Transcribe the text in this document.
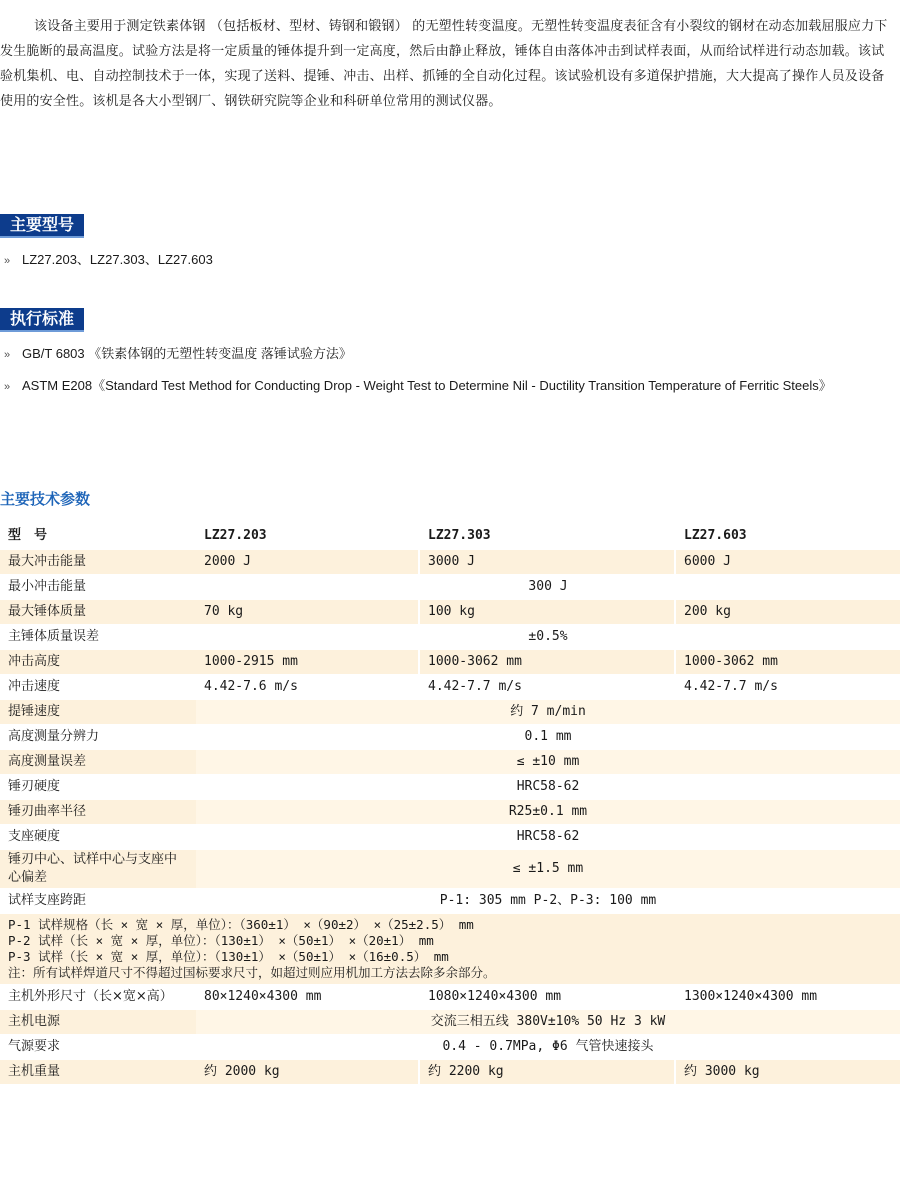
该设备主要用于测定铁素体钢 （包括板材、型材、铸钢和锻钢） 的无塑性转变温度。无塑性转变温度表征含有小裂纹的钢材在动态加载屈服应力下发生脆断的最高温度。试验方法是将一定质量的锤体提升到一定高度，然后由静止释放，锤体自由落体冲击到试样表面，从而给试样进行动态加载。该试验机集机、电、自动控制技术于一体，实现了送料、提锤、冲击、出样、抓锤的全自动化过程。该试验机设有多道保护措施，大大提高了操作人员及设备使用的安全性。该机是各大小型钢厂、钢铁研究院等企业和科研单位常用的测试仪器。

主要型号
» LZ27.203、LZ27.303、LZ27.603
执行标准
» GB/T 6803 《铁素体钢的无塑性转变温度 落锤试验方法》
» ASTM E208《Standard Test Method for Conducting Drop - Weight Test to Determine Nil - Ductility Transition Temperature of Ferritic Steels》
主要技术参数
型　号	LZ27.203	LZ27.303	LZ27.603
最大冲击能量	2000 J	3000 J	6000 J
最小冲击能量	300 J		
最大锤体质量	70 kg	100 kg	200 kg
主锤体质量误差	±0.5%		
冲击高度	1000-2915 mm	1000-3062 mm	1000-3062 mm
冲击速度	4.42-7.6 m/s	4.42-7.7 m/s	4.42-7.7 m/s
提锤速度	约 7 m/min		
高度测量分辨力	0.1 mm		
高度测量误差	≤ ±10 mm		
锤刃硬度	HRC58-62		
锤刃曲率半径	R25±0.1 mm		
支座硬度	HRC58-62		
锤刃中心、试样中心与支座中心偏差	≤ ±1.5 mm		
试样支座跨距	P-1: 305 mm P-2、P-3: 100 mm		

P-1 试样规格（长 × 宽 × 厚，单位）：（360±1） ×（90±2） ×（25±2.5） mm
P-2 试样（长 × 宽 × 厚，单位）：（130±1） ×（50±1） ×（20±1） mm
P-3 试样（长 × 宽 × 厚，单位）：（130±1） ×（50±1） ×（16±0.5） mm
注：所有试样焊道尺寸不得超过国标要求尺寸，如超过则应用机加工方法去除多余部分。			

主机外形尺寸（长×宽×高）	80×1240×4300 mm	1080×1240×4300 mm	1300×1240×4300 mm
主机电源	交流三相五线 380V±10% 50 Hz 3 kW		
气源要求	0.4 - 0.7MPa, Φ6 气管快速接头		
主机重量	约 2000 kg	约 2200 kg	约 3000 kg
